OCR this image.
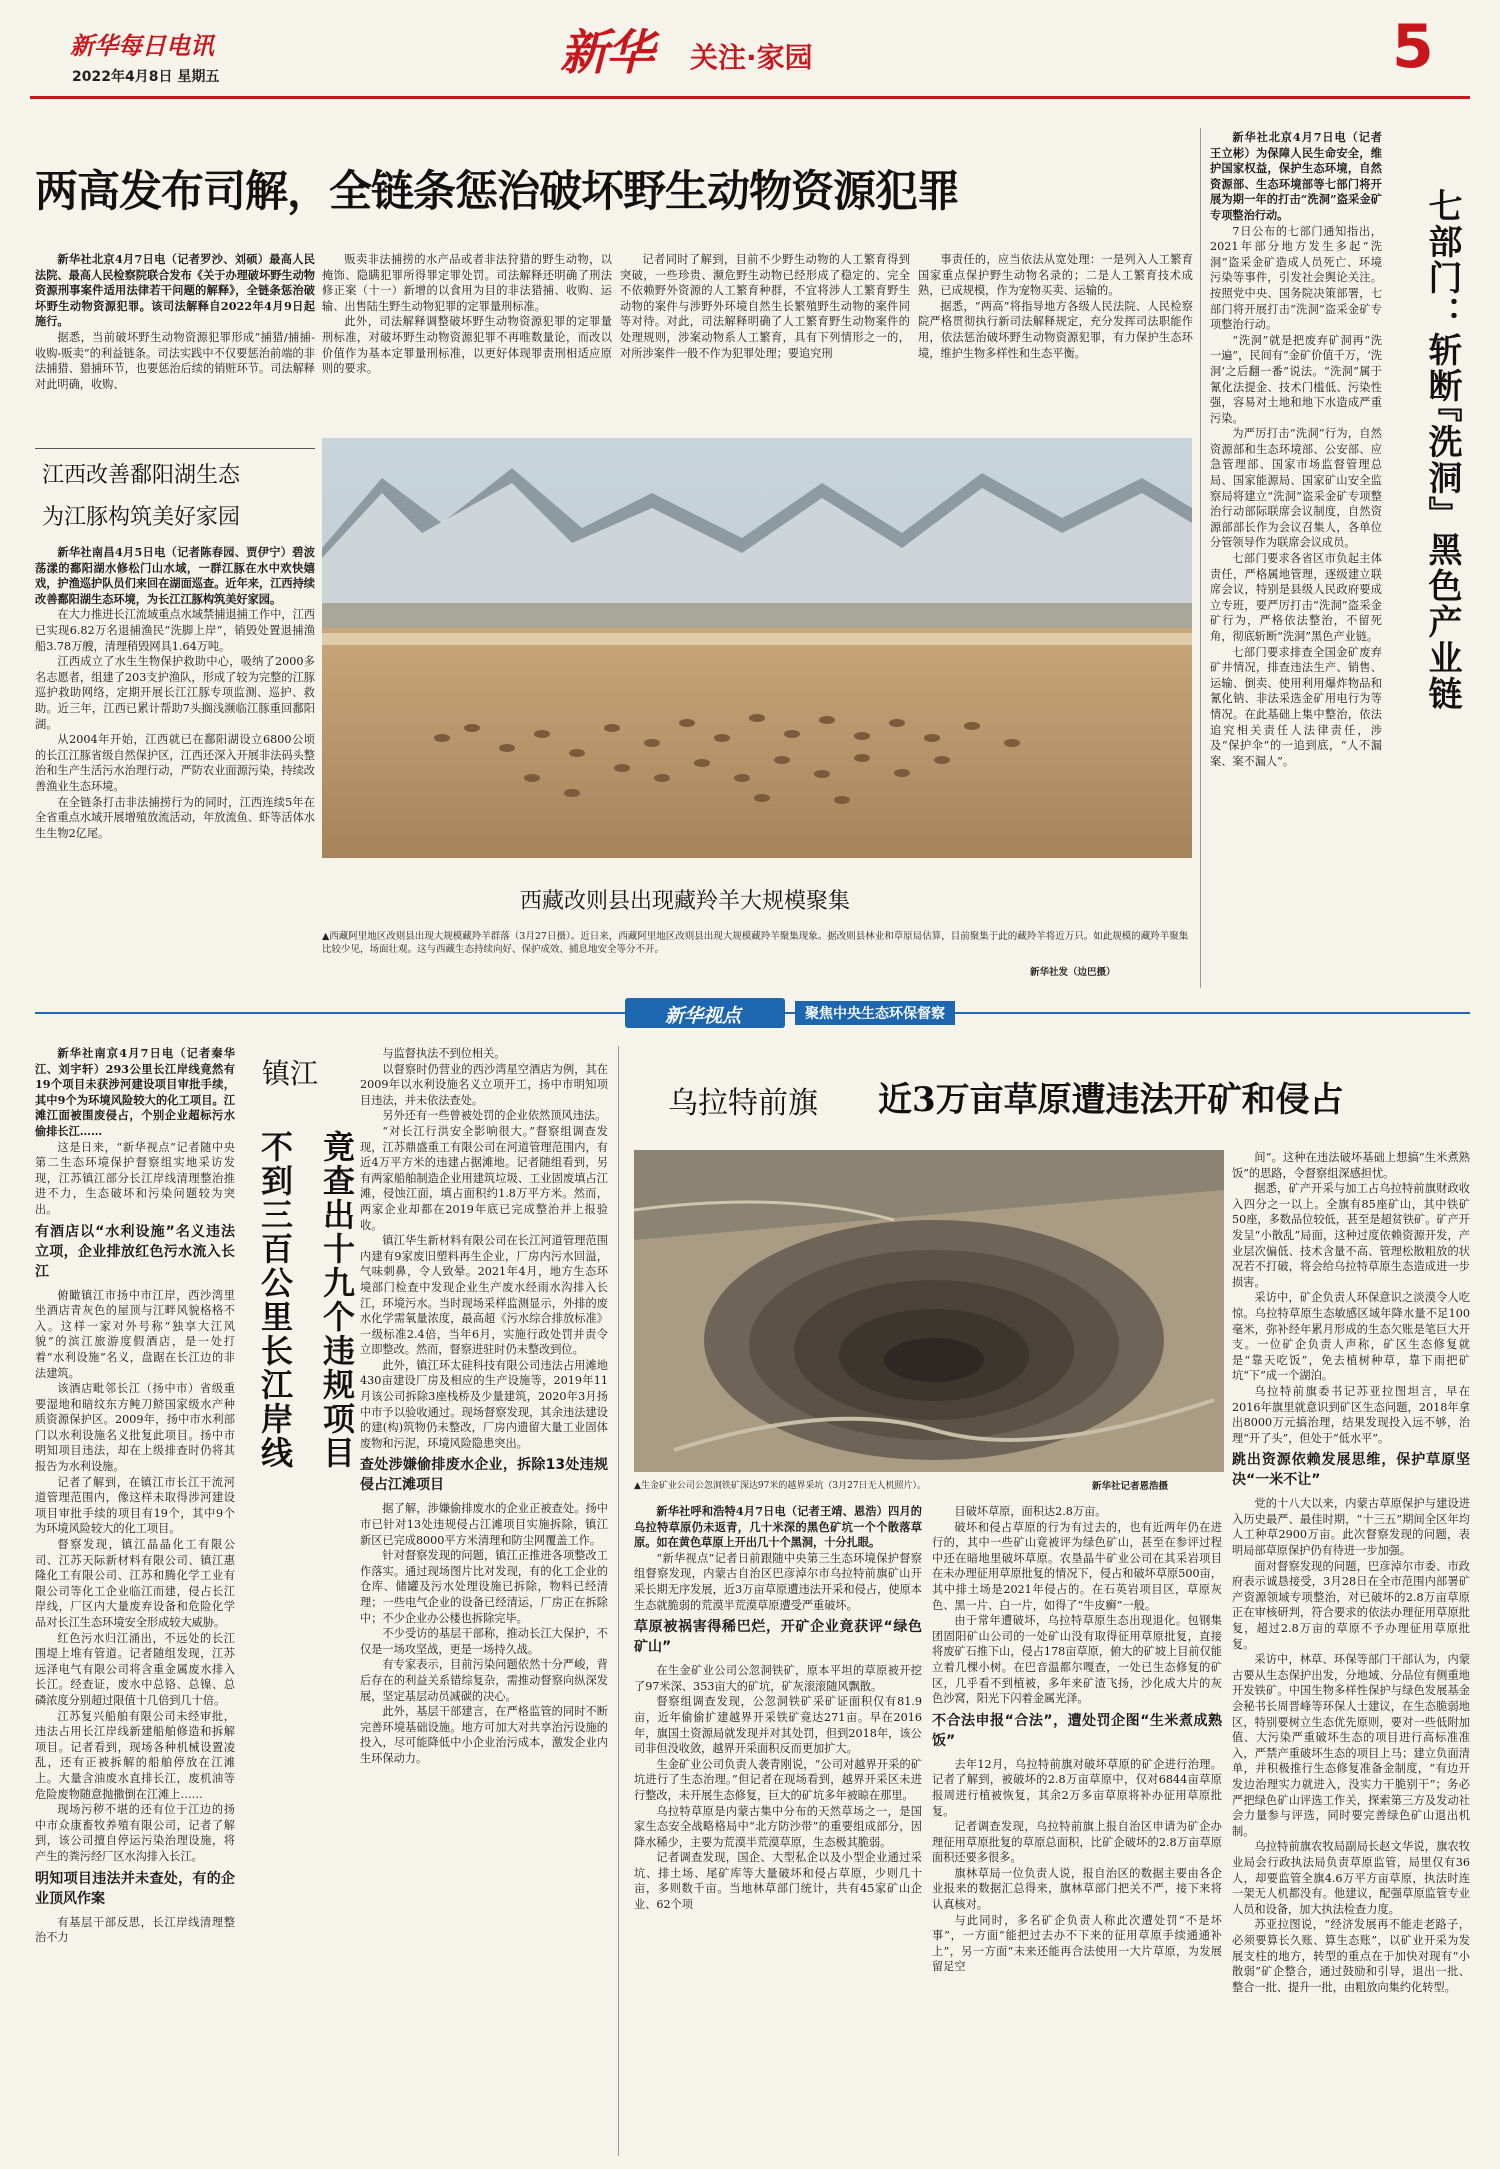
新华每日电讯
2022年4月8日 星期五	新华 关注·家园	5
两高发布司解，全链条惩治破坏野生动物资源犯罪

新华社北京4月7日电（记者罗沙、刘硕）最高人民法院、最高人民检察院联合发布《关于办理破坏野生动物资源刑事案件适用法律若干问题的解释》，全链条惩治破坏野生动物资源犯罪。该司法解释自2022年4月9日起施行。

据悉，当前破坏野生动物资源犯罪形成“捕猎/捕捕-收购-贩卖”的利益链条。司法实践中不仅要惩治前端的非法捕猎、猎捕环节，也要惩治后续的销赃环节。司法解释对此明确，收购、

贩卖非法捕捞的水产品或者非法狩猎的野生动物，以掩饰、隐瞒犯罪所得罪定罪处罚。司法解释还明确了刑法修正案（十一）新增的以食用为目的非法猎捕、收购、运输、出售陆生野生动物犯罪的定罪量刑标准。

此外，司法解释调整破坏野生动物资源犯罪的定罪量刑标准，对破坏野生动物资源犯罪不再唯数量论，而改以价值作为基本定罪量刑标准，以更好体现罪责刑相适应原则的要求。

记者同时了解到，目前不少野生动物的人工繁育得到突破，一些珍贵、濒危野生动物已经形成了稳定的、完全不依赖野外资源的人工繁育种群，不宜将涉人工繁育野生动物的案件与涉野外环境自然生长繁殖野生动物的案件同等对待。对此，司法解释明确了人工繁育野生动物案件的处理规则，涉案动物系人工繁育，具有下列情形之一的，对所涉案件一般不作为犯罪处理；要追究刑

事责任的，应当依法从宽处理：一是列入人工繁育国家重点保护野生动物名录的；二是人工繁育技术成熟，已成规模，作为宠物买卖、运输的。

据悉，“两高”将指导地方各级人民法院、人民检察院严格贯彻执行新司法解释规定，充分发挥司法职能作用，依法惩治破坏野生动物资源犯罪，有力保护生态环境，维护生物多样性和生态平衡。

江西改善鄱阳湖生态
为江豚构筑美好家园

新华社南昌4月5日电（记者陈春园、贾伊宁）碧波荡漾的鄱阳湖水修松门山水域，一群江豚在水中欢快嬉戏，护渔巡护队员们来回在湖面巡查。近年来，江西持续改善鄱阳湖生态环境，为长江江豚构筑美好家园。

在大力推进长江流域重点水域禁捕退捕工作中，江西已实现6.82万名退捕渔民“洗脚上岸”，销毁处置退捕渔船3.78万艘，清理稍毁网具1.64万吨。

江西成立了水生生物保护救助中心，吸纳了2000多名志愿者，组建了203支护渔队，形成了较为完整的江豚巡护救助网络，定期开展长江江豚专项监测、巡护、救助。近三年，江西已累计帮助7头搁浅濒临江豚重回鄱阳湖。

从2004年开始，江西就已在鄱阳湖设立6800公顷的长江江豚省级自然保护区，江西还深入开展非法码头整治和生产生活污水治理行动，严防农业面源污染，持续改善渔业生态环境。

在全链条打击非法捕捞行为的同时，江西连续5年在全省重点水域开展增殖放流活动，年放流鱼、虾等活体水生生物2亿尾。

西藏改则县出现藏羚羊大规模聚集
▲西藏阿里地区改则县出现大规模藏羚羊群落（3月27日摄）。近日来，西藏阿里地区改则县出现大规模藏羚羊聚集现象。据改则县林业和草原局估算，目前聚集于此的藏羚羊将近万只。如此规模的藏羚羊聚集比较少见，场面壮观。这与西藏生态持续向好、保护成效、捕息地安全等分不开。
新华社发（边巴摄）

新华社北京4月7日电（记者王立彬）为保障人民生命安全，维护国家权益，保护生态环境，自然资源部、生态环境部等七部门将开展为期一年的打击“洗洞”盗采金矿专项整治行动。

7日公布的七部门通知指出，2021年部分地方发生多起“洗洞”盗采金矿造成人员死亡、环境污染等事件，引发社会舆论关注。按照党中央、国务院决策部署，七部门将开展打击“洗洞”盗采金矿专项整治行动。

“洗洞”就是把废弃矿洞再“洗一遍”，民间有“金矿价值千万，‘洗洞’之后翻一番”说法。“洗洞”属于氰化法提金、技术门槛低、污染性强，容易对土地和地下水造成严重污染。

为严厉打击“洗洞”行为，自然资源部和生态环境部、公安部、应急管理部、国家市场监督管理总局、国家能源局、国家矿山安全监察局将建立“洗洞”盗采金矿专项整治行动部际联席会议制度，自然资源部部长作为会议召集人，各单位分管领导作为联席会议成员。

七部门要求各省区市负起主体责任，严格属地管理，逐级建立联席会议，特别是县级人民政府要成立专班，要严厉打击“洗洞”盗采金矿行为，严格依法整治，不留死角，彻底斩断“洗洞”黑色产业链。

七部门要求排查全国金矿废弃矿井情况，排查违法生产、销售、运输、倒卖、使用利用爆炸物品和氰化钠、非法采选金矿用电行为等情况。在此基础上集中整治，依法追究相关责任人法律责任，涉及“保护伞”的一追到底，“人不漏案、案不漏人”。

七部门：斩断
『洗洞』黑色产业链
新华视点	聚焦中央生态环保督察

新华社南京4月7日电（记者秦华江、刘宇轩）293公里长江岸线竟然有19个项目未获涉河建设项目审批手续，其中9个为环境风险较大的化工项目。江滩江面被围废侵占，个别企业超标污水偷排长江……

这是日来，“新华视点”记者随中央第二生态环境保护督察组实地采访发现，江苏镇江部分长江岸线清理整治推进不力，生态破坏和污染问题较为突出。

有酒店以“水利设施”名义违法立项，企业排放红色污水流入长江

俯瞰镇江市扬中市江岸，西沙湾里坐酒店青灰色的屋顶与江畔风貌格格不入。这样一家对外号称“独享大江风貌”的滨江旅游度假酒店，是一处打着“水利设施”名义，盘踞在长江边的非法建筑。

该酒店毗邻长江（扬中市）省级重要湿地和暗纹东方鲀刀鲚国家级水产种质资源保护区。2009年，扬中市水利部门以水利设施名义批复此项目。扬中市明知项目违法，却在上级排查时仍将其报告为水利设施。

记者了解到，在镇江市长江干流河道管理范围内，像这样未取得涉河建设项目审批手续的项目有19个，其中9个为环境风险较大的化工项目。

督察发现，镇江晶晶化工有限公司、江苏天际新材料有限公司、镇江惠隆化工有限公司、江苏和腾化学工业有限公司等化工企业临江而建，侵占长江岸线，厂区内大量废弃设备和危险化学品对长江生态环境安全形成较大威胁。

红色污水归江涌出，不远处的长江围堤上堆有管道。记者随组发现，江苏远泽电气有限公司将含重金属废水排入长江。经查证，废水中总铬、总镍、总磷浓度分别超过限值十几倍到几十倍。

江苏复兴船舶有限公司未经审批，违法占用长江岸线新建船舶修造和拆解项目。记者看到，现场各种机械设置凌乱，还有正被拆解的船舶停放在江滩上。大量含油废水直排长江，废机油等危险废物随意抛撒倒在江滩上……

现场污秽不堪的还有位于江边的扬中市众康畜牧养殖有限公司，记者了解到，该公司擅自停运污染治理设施，将产生的粪污经厂区水沟排入长江。

明知项目违法并未查处，有的企业顶风作案

有基层干部反思，长江岸线清理整治不力

镇江
不到三百公里长江岸线 竟查出十九个违规项目

与监督执法不到位相关。

以督察时仍营业的西沙湾星空酒店为例，其在2009年以水利设施名义立项开工，扬中市明知项目违法，并未依法查处。

另外还有一些曾被处罚的企业依然顶风违法。

“对长江行洪安全影响很大。”督察组调查发现，江苏鼎盛重工有限公司在河道管理范围内，有近4万平方米的违建占据滩地。记者随组看到，另有两家船舶制造企业用建筑垃圾、工业固废填占江滩，侵蚀江面，填占面积约1.8万平方米。然而，两家企业却都在2019年底已完成整治并上报验收。

镇江华生新材料有限公司在长江河道管理范围内建有9家废旧塑料再生企业，厂房内污水回溢，气味刺鼻，令人致晕。2021年4月，地方生态环境部门检查中发现企业生产废水经雨水沟排入长江，环境污水。当时现场采样监测显示，外排的废水化学需氧量浓度，最高超《污水综合排放标准》一级标准2.4倍，当年6月，实施行政处罚并责令立即整改。然而，督察进驻时仍未整改到位。

此外，镇江环太硅科技有限公司违法占用滩地430亩建设厂房及相应的生产设施等，2019年11月该公司拆除3座栈桥及少量建筑，2020年3月扬中市予以验收通过。现场督察发现，其余违法建设的建(构)筑物仍未整改，厂房内遗留大量工业固体废物和污泥，环境风险隐患突出。

查处涉嫌偷排废水企业，拆除13处违规侵占江滩项目

据了解，涉嫌偷排废水的企业正被查处。扬中市已针对13处违规侵占江滩项目实施拆除，镇江新区已完成8000平方米清理和防尘网覆盖工作。

针对督察发现的问题，镇江正推进各项整改工作落实。通过现场图片比对发现，有的化工企业的仓库、储罐及污水处理设施已拆除，物料已经清理；一些电气企业的设备已经清运，厂房正在拆除中；不少企业办公楼也拆除完毕。

不少受访的基层干部称，推动长江大保护，不仅是一场攻坚战，更是一场持久战。

有专家表示，目前污染问题依然十分严峻，背后存在的利益关系错综复杂，需推动督察向纵深发展，坚定基层动员减碳的决心。

此外，基层干部建言，在严格监管的同时不断完善环境基础设施。地方可加大对共享治污设施的投入，尽可能降低中小企业治污成本，激发企业内生环保动力。

乌拉特前旗 近3万亩草原遭违法开矿和侵占
▲生金矿业公司公忽洞铁矿深达97米的越界采坑（3月27日无人机照片）。	新华社记者恩浩摄

新华社呼和浩特4月7日电（记者王靖、恩浩）四月的乌拉特草原仍未返青，几十米深的黑色矿坑一个个散落草原。如在黄色草原上开出几十个黑洞，十分扎眼。

“新华视点”记者日前跟随中央第三生态环境保护督察组督察发现，内蒙古自治区巴彦淖尔市乌拉特前旗矿山开采长期无序发展，近3万亩草原遭违法开采和侵占，使原本生态就脆弱的荒漠半荒漠草原遭受严重破坏。

草原被祸害得稀巴烂，开矿企业竟获评“绿色矿山”

在生金矿业公司公忽洞铁矿，原本平坦的草原被开挖了97米深、353亩大的矿坑，矿灰滚滚随风飘散。

督察组调查发现，公忽洞铁矿采矿证面积仅有81.9亩，近年偷偷扩建越界开采铁矿竟达271亩。早在2016年，旗国土资源局就发现并对其处罚，但到2018年，该公司非但没收敛，越界开采面积反而更加扩大。

生金矿业公司负责人袭青刚说，“公司对越界开采的矿坑进行了生态治理。”但记者在现场看到，越界开采区未进行整改，未开展生态修复，巨大的矿坑多年被晾在那里。

乌拉特草原是内蒙古集中分布的天然草场之一，是国家生态安全战略格局中“北方防沙带”的重要组成部分，因降水稀少，主要为荒漠半荒漠草原，生态极其脆弱。

记者调查发现，国企、大型私企以及小型企业通过采坑、排土场、尾矿库等大量破坏和侵占草原，少则几十亩，多则数千亩。当地林草部门统计，共有45家矿山企业、62个项

目破坏草原，面积达2.8万亩。

破坏和侵占草原的行为有过去的，也有近两年仍在进行的，其中一些矿山竟被评为绿色矿山，甚至在参评过程中还在暗地里破坏草原。农垦晶牛矿业公司在其采岩项目在未办理征用草原批复的情况下，侵占和破坏草原500亩，其中排土场是2021年侵占的。在石英岩项目区，草原灰色、黑一片、白一片，如得了“牛皮癣”一般。

由于常年遭破坏，乌拉特草原生态出现退化。包钢集团固阳矿山公司的一处矿山没有取得征用草原批复，直接将废矿石推下山，侵占178亩草原，俯大的矿坡上目前仅能立着几棵小树。在巴音温都尔嘎查，一处已生态修复的矿区，几乎看不到植被，多年来矿渣飞扬，沙化成大片的灰色沙窝，阳光下闪着金属光泽。

不合法申报“合法”，遭处罚企图“生米煮成熟饭”

去年12月，乌拉特前旗对破坏草原的矿企进行治理。记者了解到，被破坏的2.8万亩草原中，仅对6844亩草原报周进行植被恢复，其余2万多亩草原将补办征用草原批复。

记者调查发现，乌拉特前旗上报自治区申请为矿企办理征用草原批复的草原总面积，比矿企破坏的2.8万亩草原面积还要多很多。

旗林草局一位负责人说，报自治区的数据主要由各企业报来的数据汇总得来，旗林草部门把关不严，接下来将认真核对。

与此同时，多名矿企负责人称此次遭处罚“不是坏事”，一方面“能把过去办不下来的征用草原手续通通补上”，另一方面“未来还能再合法使用一大片草原，为发展留足空

间”。这种在违法破坏基础上想搞“生米煮熟饭”的思路，令督察组深感担忧。

据悉，矿产开采与加工占乌拉特前旗财政收入四分之一以上。全旗有85座矿山，其中铁矿50座，多数品位较低，甚至是超贫铁矿。矿产开发呈“小散乱”局面，这种过度依赖资源开发，产业层次偏低、技术含量不高、管理松散粗放的状况若不打破，将会给乌拉特草原生态造成进一步损害。

采访中，矿企负责人环保意识之淡漠令人吃惊。乌拉特草原生态敏感区域年降水量不足100毫米，弥补经年累月形成的生态欠账是笔巨大开支。一位矿企负责人声称，矿区生态修复就是“靠天吃饭”，免去植树种草，靠下雨把矿坑“下”成一个湖泊。

乌拉特前旗委书记苏亚拉图坦言，早在2016年旗里就意识到矿区生态问题，2018年拿出8000万元搞治理，结果发现投入远不够，治理“开了头”，但处于“低水平”。

跳出资源依赖发展思维，保护草原坚决“一米不让”

党的十八大以来，内蒙古草原保护与建设进入历史最严、最佳时期，“十三五”期间全区年均人工种草2900万亩。此次督察发现的问题，表明局部草原保护仍有待进一步加强。

面对督察发现的问题，巴彦淖尔市委、市政府表示诚恳接受，3月28日在全市范围内部署矿产资源领域专项整治，对已破坏的2.8万亩草原正在审核研判，符合要求的依法办理征用草原批复，超过2.8万亩的草原不予办理征用草原批复。

采访中，林草、环保等部门干部认为，内蒙古要从生态保护出发，分地域、分品位有侧重地开发铁矿。中国生物多样性保护与绿色发展基金会秘书长周晋峰等环保人士建议，在生态脆弱地区，特别要树立生态优先原则，要对一些低附加值、大污染严重破坏生态的项目进行高标准准入，严禁产重破坏生态的项目上马；建立负面清单，并积极推行生态修复准备金制度，“有边开发边治理实力就进入，没实力干脆别干”；务必严把绿色矿山评选工作关，探索第三方及发动社会力量参与评选，同时要完善绿色矿山退出机制。

乌拉特前旗农牧局副局长赵文华说，旗农牧业局会行政执法局负责草原监管，局里仅有36人，却要监管全旗4.6万平方亩草原，执法时连一架无人机都没有。他建议，配强草原监管专业人员和设备，加大执法检查力度。

苏亚拉图说，“经济发展再不能走老路子，必须要算长久账、算生态账”，以矿业开采为发展支柱的地方，转型的重点在于加快对现有“小散弱”矿企整合，通过鼓励和引导，退出一批、整合一批、提升一批，由粗放向集约化转型。
